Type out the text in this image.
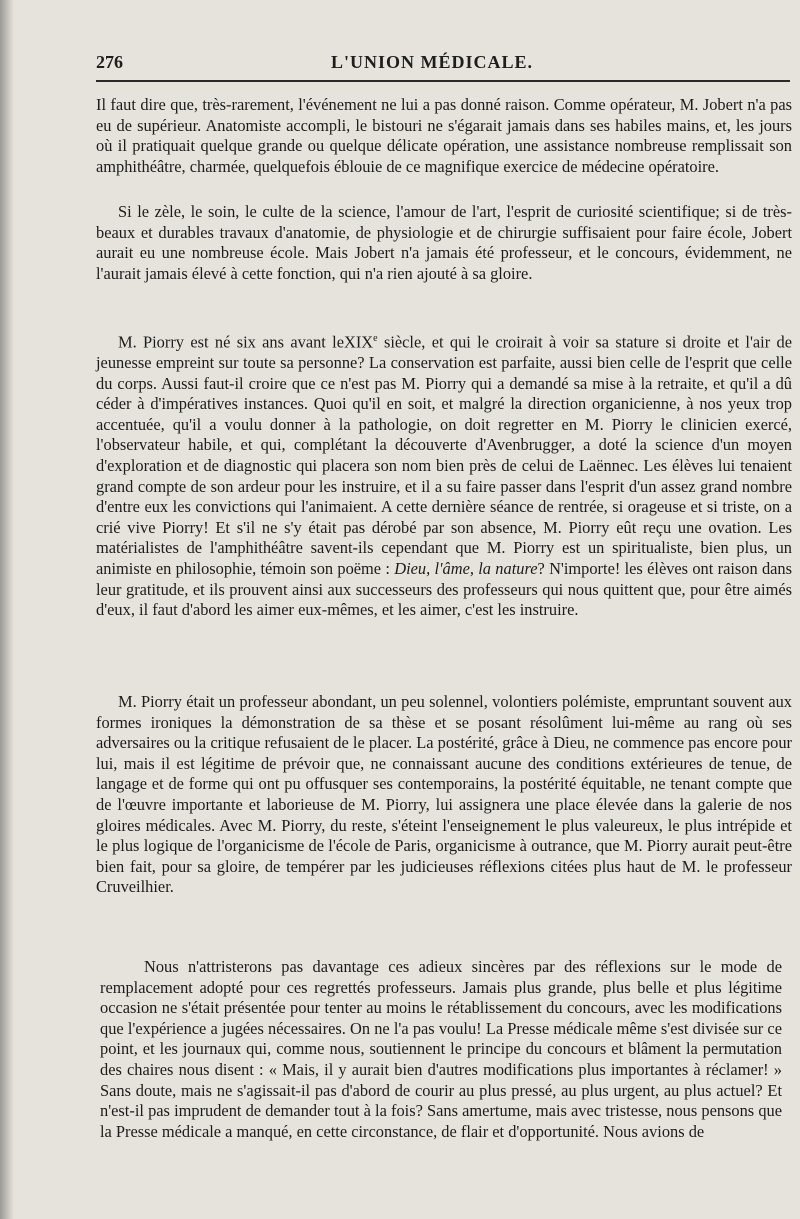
276	L'UNION MÉDICALE.

Il faut dire que, très-rarement, l'événement ne lui a pas donné raison. Comme opérateur, M. Jobert n'a pas eu de supérieur. Anatomiste accompli, le bistouri ne s'égarait jamais dans ses habiles mains, et, les jours où il pratiquait quelque grande ou quelque délicate opération, une assistance nombreuse remplissait son amphithéâtre, charmée, quelquefois éblouie de ce magnifique exercice de médecine opératoire.

Si le zèle, le soin, le culte de la science, l'amour de l'art, l'esprit de curiosité scientifique; si de très-beaux et durables travaux d'anatomie, de physiologie et de chirurgie suffisaient pour faire école, Jobert aurait eu une nombreuse école. Mais Jobert n'a jamais été professeur, et le concours, évidemment, ne l'aurait jamais élevé à cette fonction, qui n'a rien ajouté à sa gloire.

M. Piorry est né six ans avant leXIX$^e$ siècle, et qui le croirait à voir sa stature si droite et l'air de jeunesse empreint sur toute sa personne? La conservation est parfaite, aussi bien celle de l'esprit que celle du corps. Aussi faut-il croire que ce n'est pas M. Piorry qui a demandé sa mise à la retraite, et qu'il a dû céder à d'impératives instances. Quoi qu'il en soit, et malgré la direction organicienne, à nos yeux trop accentuée, qu'il a voulu donner à la pathologie, on doit regretter en M. Piorry le clinicien exercé, l'observateur habile, et qui, complétant la découverte d'Avenbrugger, a doté la science d'un moyen d'exploration et de diagnostic qui placera son nom bien près de celui de Laënnec. Les élèves lui tenaient grand compte de son ardeur pour les instruire, et il a su faire passer dans l'esprit d'un assez grand nombre d'entre eux les convictions qui l'animaient. A cette dernière séance de rentrée, si orageuse et si triste, on a crié vive Piorry! Et s'il ne s'y était pas dérobé par son absence, M. Piorry eût reçu une ovation. Les matérialistes de l'amphithéâtre savent-ils cependant que M. Piorry est un spiritualiste, bien plus, un animiste en philosophie, témoin son poëme : Dieu, l'âme, la nature? N'importe! les élèves ont raison dans leur gratitude, et ils prouvent ainsi aux successeurs des professeurs qui nous quittent que, pour être aimés d'eux, il faut d'abord les aimer eux-mêmes, et les aimer, c'est les instruire.

M. Piorry était un professeur abondant, un peu solennel, volontiers polémiste, empruntant souvent aux formes ironiques la démonstration de sa thèse et se posant résolûment lui-même au rang où ses adversaires ou la critique refusaient de le placer. La postérité, grâce à Dieu, ne commence pas encore pour lui, mais il est légitime de prévoir que, ne connaissant aucune des conditions extérieures de tenue, de langage et de forme qui ont pu offusquer ses contemporains, la postérité équitable, ne tenant compte que de l'œuvre importante et laborieuse de M. Piorry, lui assignera une place élevée dans la galerie de nos gloires médicales. Avec M. Piorry, du reste, s'éteint l'enseignement le plus valeureux, le plus intrépide et le plus logique de l'organicisme de l'école de Paris, organicisme à outrance, que M. Piorry aurait peut-être bien fait, pour sa gloire, de tempérer par les judicieuses réflexions citées plus haut de M. le professeur Cruveilhier.

Nous n'attristerons pas davantage ces adieux sincères par des réflexions sur le mode de remplacement adopté pour ces regrettés professeurs. Jamais plus grande, plus belle et plus légitime occasion ne s'était présentée pour tenter au moins le rétablissement du concours, avec les modifications que l'expérience a jugées nécessaires. On ne l'a pas voulu! La Presse médicale même s'est divisée sur ce point, et les journaux qui, comme nous, soutiennent le principe du concours et blâment la permutation des chaires nous disent : « Mais, il y aurait bien d'autres modifications plus importantes à réclamer! » Sans doute, mais ne s'agissait-il pas d'abord de courir au plus pressé, au plus urgent, au plus actuel? Et n'est-il pas imprudent de demander tout à la fois? Sans amertume, mais avec tristesse, nous pensons que la Presse médicale a manqué, en cette circonstance, de flair et d'opportunité. Nous avions de
